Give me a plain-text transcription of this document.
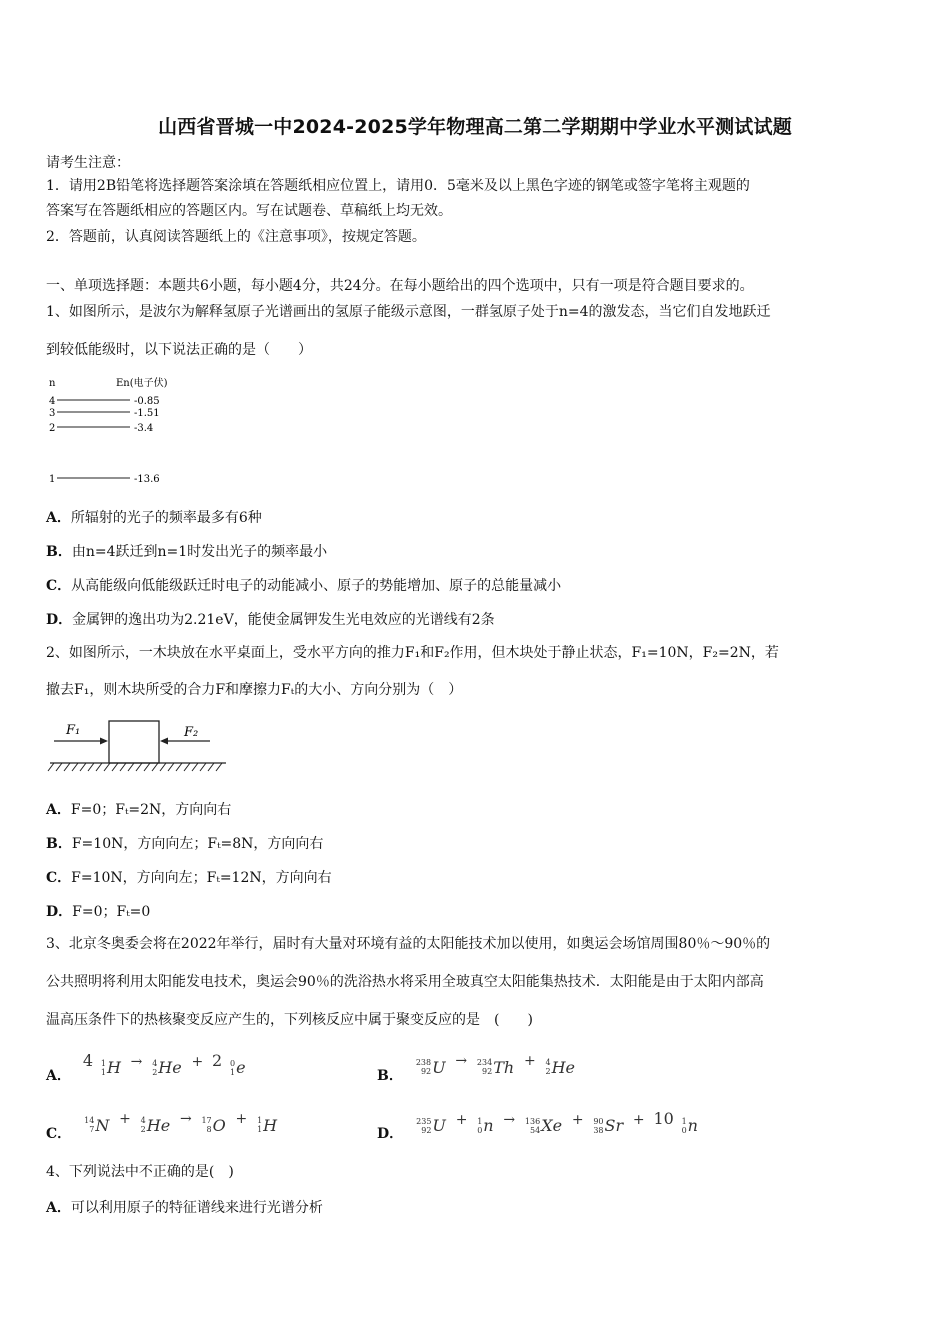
山西省晋城一中2024-2025学年物理高二第二学期期中学业水平测试试题
请考生注意：
1．请用2B铅笔将选择题答案涂填在答题纸相应位置上，请用0．5毫米及以上黑色字迹的钢笔或签字笔将主观题的
答案写在答题纸相应的答题区内。写在试题卷、草稿纸上均无效。
2．答题前，认真阅读答题纸上的《注意事项》，按规定答题。
一、单项选择题：本题共6小题，每小题4分，共24分。在每小题给出的四个选项中，只有一项是符合题目要求的。
1、如图所示，是波尔为解释氢原子光谱画出的氢原子能级示意图，一群氢原子处于n=4的激发态，当它们自发地跃迁
到较低能级时，以下说法正确的是（　　）
n	En(电子伏)
4	-0.85
3	-1.51
2	-3.4
1	-13.6
A．所辐射的光子的频率最多有6种
B．由n=4跃迁到n=1时发出光子的频率最小
C．从高能级向低能级跃迁时电子的动能减小、原子的势能增加、原子的总能量减小
D．金属钾的逸出功为2.21eV，能使金属钾发生光电效应的光谱线有2条
2、如图所示，一木块放在水平桌面上，受水平方向的推力F₁和F₂作用，但木块处于静止状态，F₁=10N，F₂=2N，若
撤去F₁，则木块所受的合力F和摩擦力Fₜ的大小、方向分别为（　）
F₁	F₂
A．F=0；Fₜ=2N，方向向右
B．F=10N，方向向左；Fₜ=8N，方向向右
C．F=10N，方向向左；Fₜ=12N，方向向右
D．F=0；Fₜ=0
3、北京冬奥委会将在2022年举行，届时有大量对环境有益的太阳能技术加以使用，如奥运会场馆周围80％～90％的
公共照明将利用太阳能发电技术，奥运会90％的洗浴热水将采用全玻真空太阳能集热技术．太阳能是由于太阳内部高
温高压条件下的热核聚变反应产生的，下列核反应中属于聚变反应的是　(　　)
A．
4 1
1 H → 4
2 He + 2 0
1 e	B．
238
92 U → 234
92 Th + 4
2 He
C．
14
7 N + 4
2 He → 17
8 O + 1
1 H	D．
235
92 U + 1
0 n → 136
54 Xe + 90
38 Sr + 10 1
0 n
4、下列说法中不正确的是(　)
A．可以利用原子的特征谱线来进行光谱分析
